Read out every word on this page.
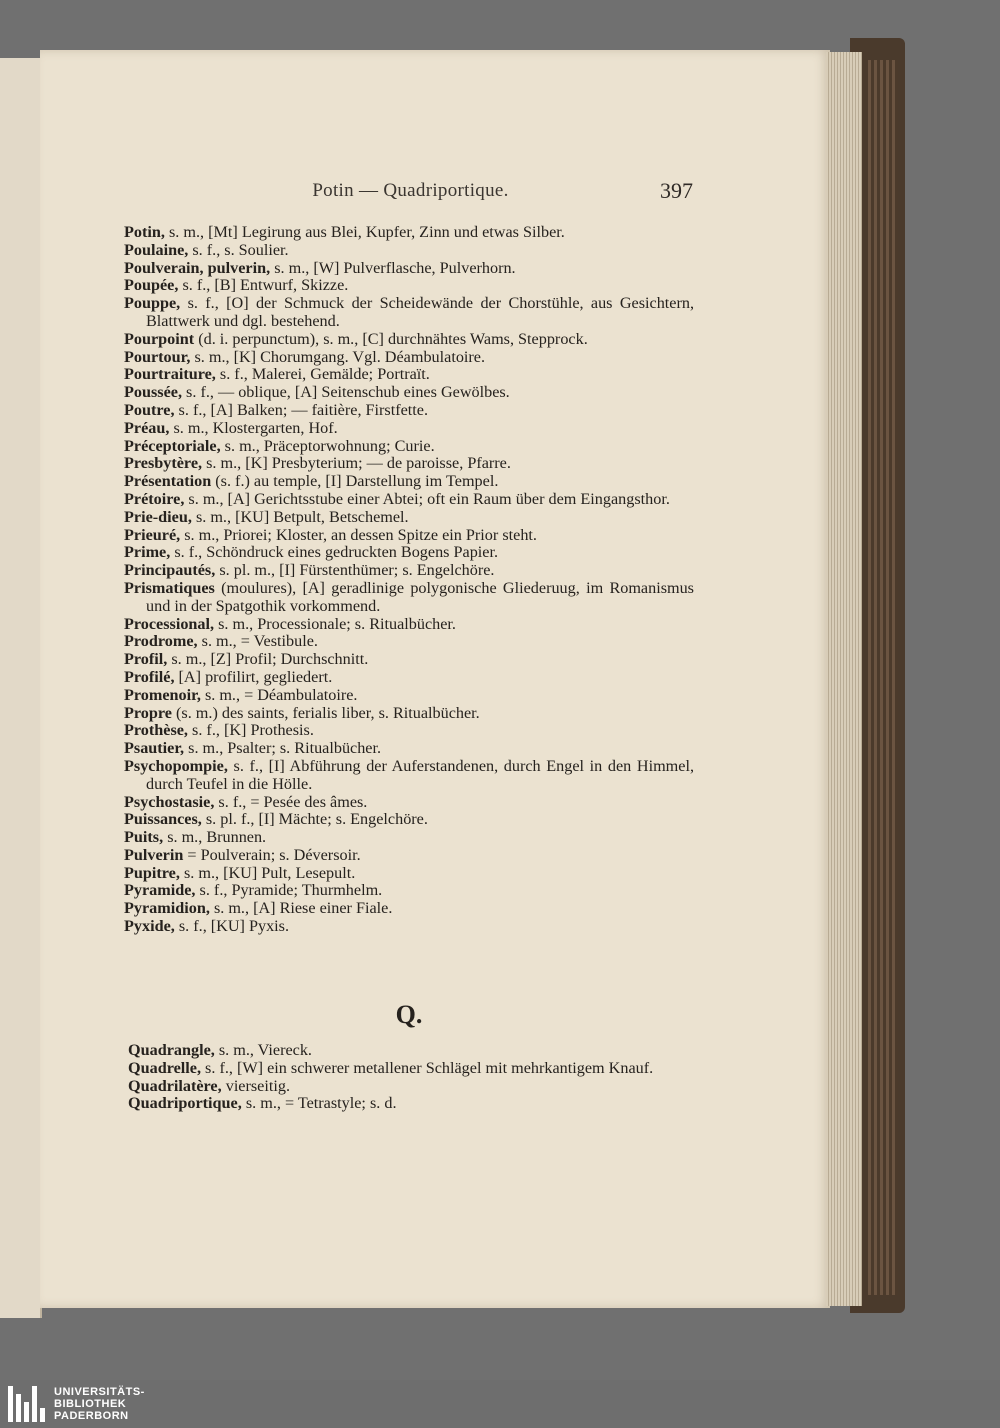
Potin — Quadriportique.	397

Potin, s. m., [Mt] Legirung aus Blei, Kupfer, Zinn und etwas Silber.

Poulaine, s. f., s. Soulier.

Poulverain, pulverin, s. m., [W] Pulverflasche, Pulverhorn.

Poupée, s. f., [B] Entwurf, Skizze.

Pouppe, s. f., [O] der Schmuck der Scheidewände der Chorstühle, aus Gesichtern, Blattwerk und dgl. bestehend.

Pourpoint (d. i. perpunctum), s. m., [C] durchnähtes Wams, Stepprock.

Pourtour, s. m., [K] Chorumgang. Vgl. Déambulatoire.

Pourtraiture, s. f., Malerei, Gemälde; Portraït.

Poussée, s. f., — oblique, [A] Seitenschub eines Gewölbes.

Poutre, s. f., [A] Balken; — faitière, Firstfette.

Préau, s. m., Klostergarten, Hof.

Préceptoriale, s. m., Präceptorwohnung; Curie.

Presbytère, s. m., [K] Presbyterium; — de paroisse, Pfarre.

Présentation (s. f.) au temple, [I] Darstellung im Tempel.

Prétoire, s. m., [A] Gerichtsstube einer Abtei; oft ein Raum über dem Eingangsthor.

Prie-dieu, s. m., [KU] Betpult, Betschemel.

Prieuré, s. m., Priorei; Kloster, an dessen Spitze ein Prior steht.

Prime, s. f., Schöndruck eines gedruckten Bogens Papier.

Principautés, s. pl. m., [I] Fürstenthümer; s. Engelchöre.

Prismatiques (moulures), [A] geradlinige polygonische Gliederuug, im Romanismus und in der Spatgothik vorkommend.

Processional, s. m., Processionale; s. Ritualbücher.

Prodrome, s. m., = Vestibule.

Profil, s. m., [Z] Profil; Durchschnitt.

Profilé, [A] profilirt, gegliedert.

Promenoir, s. m., = Déambulatoire.

Propre (s. m.) des saints, ferialis liber, s. Ritualbücher.

Prothèse, s. f., [K] Prothesis.

Psautier, s. m., Psalter; s. Ritualbücher.

Psychopompie, s. f., [I] Abführung der Auferstandenen, durch Engel in den Himmel, durch Teufel in die Hölle.

Psychostasie, s. f., = Pesée des âmes.

Puissances, s. pl. f., [I] Mächte; s. Engelchöre.

Puits, s. m., Brunnen.

Pulverin = Poulverain; s. Déversoir.

Pupitre, s. m., [KU] Pult, Lesepult.

Pyramide, s. f., Pyramide; Thurmhelm.

Pyramidion, s. m., [A] Riese einer Fiale.

Pyxide, s. f., [KU] Pyxis.

Q.

Quadrangle, s. m., Viereck.

Quadrelle, s. f., [W] ein schwerer metallener Schlägel mit mehrkantigem Knauf.

Quadrilatère, vierseitig.

Quadriportique, s. m., = Tetrastyle; s. d.

UNIVERSITÄTS-
BIBLIOTHEK
PADERBORN
